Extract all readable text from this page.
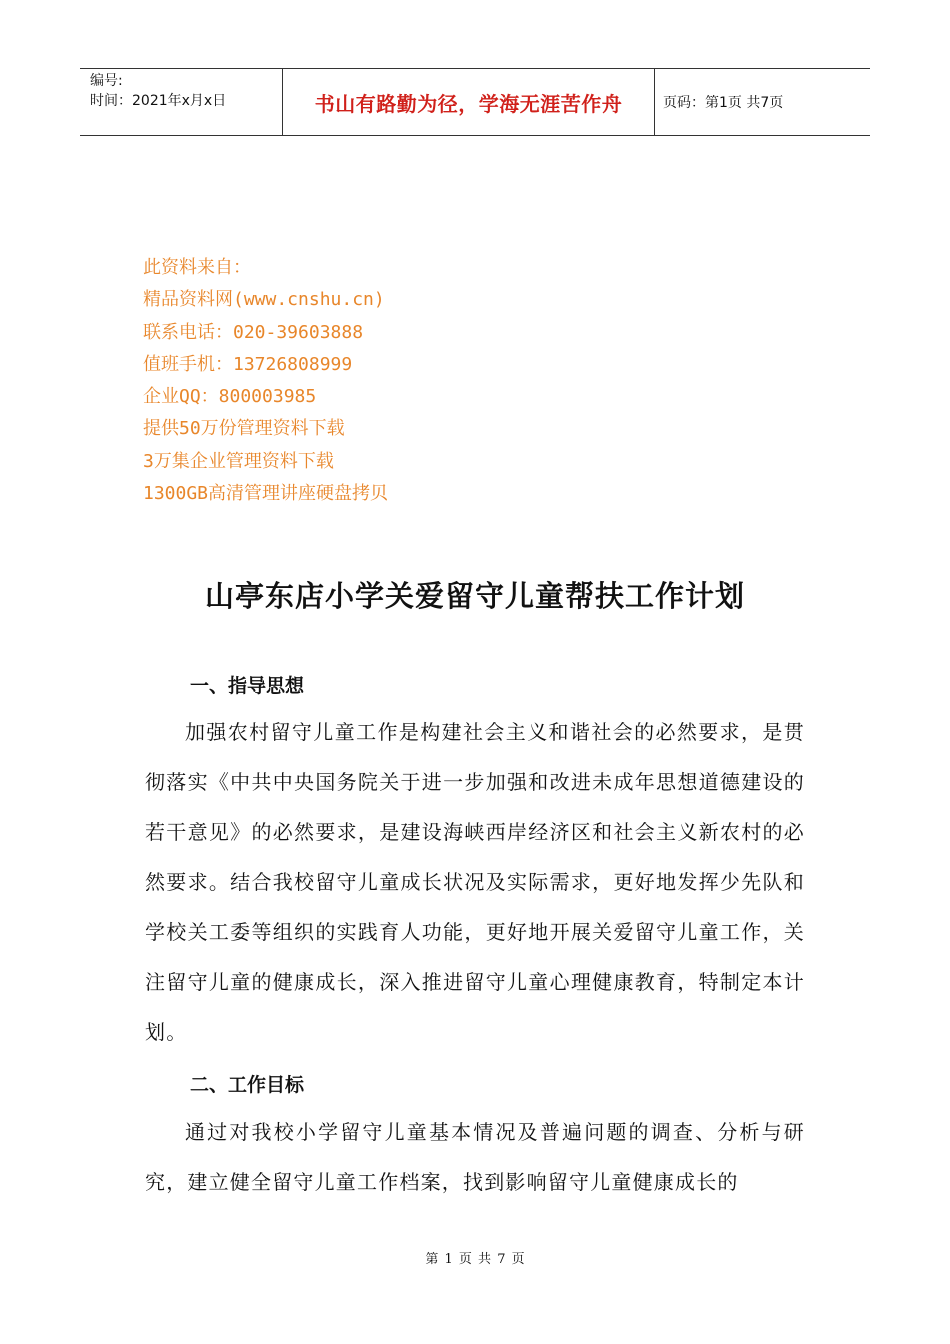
编号:
时间：2021年x月x日	书山有路勤为径，学海无涯苦作舟	页码：第1页 共7页
此资料来自：
精品资料网(www.cnshu.cn)
联系电话：020-39603888
值班手机：13726808999
企业QQ：800003985
提供50万份管理资料下载
3万集企业管理资料下载
1300GB高清管理讲座硬盘拷贝
山亭东店小学关爱留守儿童帮扶工作计划
一、指导思想

加强农村留守儿童工作是构建社会主义和谐社会的必然要求，是贯彻落实《中共中央国务院关于进一步加强和改进未成年思想道德建设的若干意见》的必然要求，是建设海峡西岸经济区和社会主义新农村的必然要求。结合我校留守儿童成长状况及实际需求，更好地发挥少先队和学校关工委等组织的实践育人功能，更好地开展关爱留守儿童工作，关注留守儿童的健康成长，深入推进留守儿童心理健康教育，特制定本计划。

二、工作目标

通过对我校小学留守儿童基本情况及普遍问题的调查、分析与研究，建立健全留守儿童工作档案，找到影响留守儿童健康成长的

第 1 页 共 7 页
